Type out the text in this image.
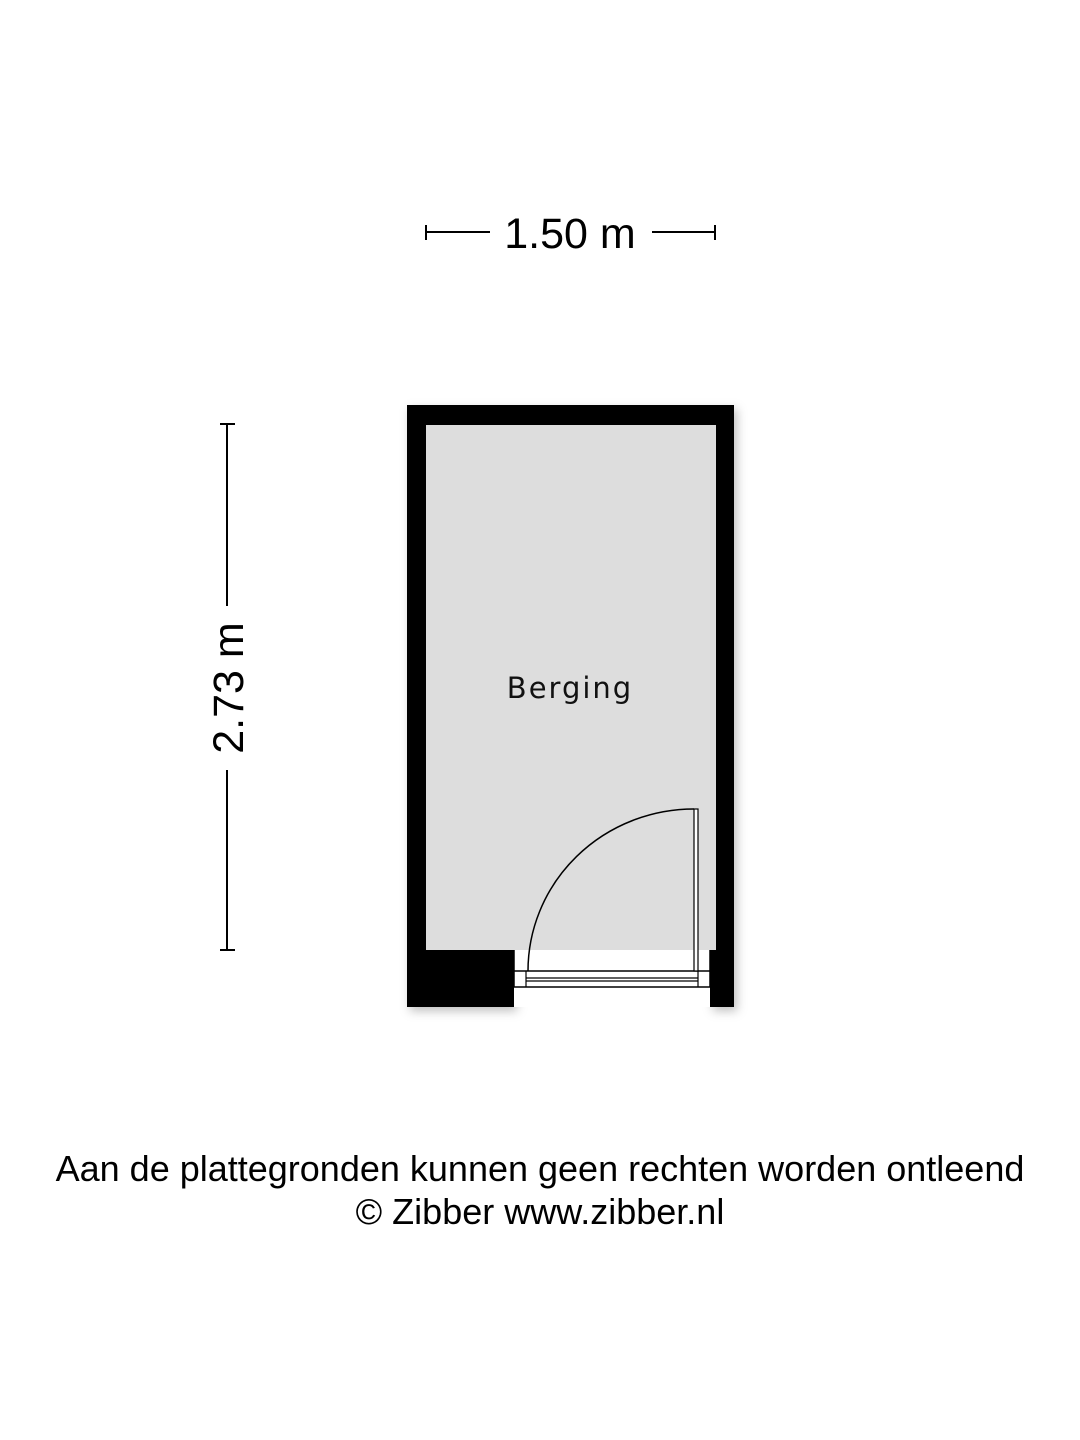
1.50 m
2.73 m	Berging
Aan de plattegronden kunnen geen rechten worden ontleend
© Zibber www.zibber.nl
